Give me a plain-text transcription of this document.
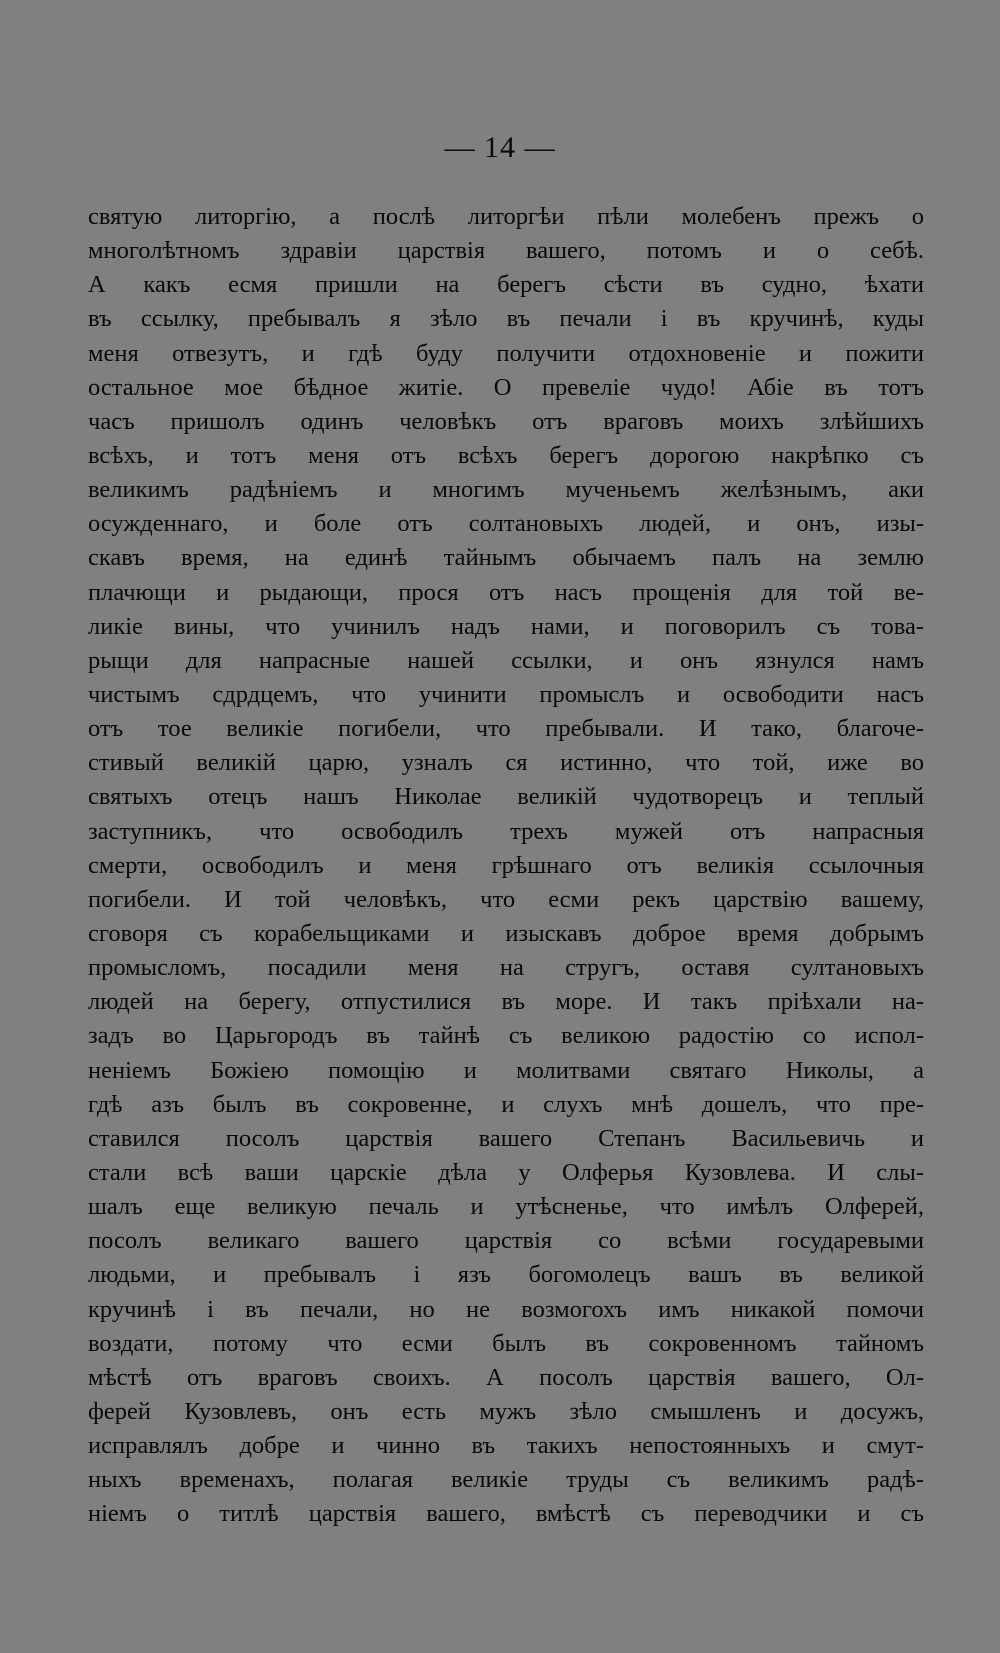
— 14 —
святую литоргію, а послѣ литоргѣи пѣли молебенъ прежъ о
многолѣтномъ здравіи царствія вашего, потомъ и о себѣ.
А какъ есмя пришли на берегъ сѣсти въ судно, ѣхати
въ ссылку, пребывалъ я зѣло въ печали і въ кручинѣ, куды
меня отвезутъ, и гдѣ буду получити отдохновеніе и пожити
остальное мое бѣдное житіе. О превеліе чудо! Абіе въ тотъ
часъ пришолъ одинъ человѣкъ отъ враговъ моихъ злѣйшихъ
всѣхъ, и тотъ меня отъ всѣхъ берегъ дорогою накрѣпко съ
великимъ радѣніемъ и многимъ мученьемъ желѣзнымъ, аки
осужденнаго, и боле отъ солтановыхъ людей, и онъ, изы-
скавъ время, на единѣ тайнымъ обычаемъ палъ на землю
плачющи и рыдающи, прося отъ насъ прощенія для той ве-
ликіе вины, что учинилъ надъ нами, и поговорилъ съ това-
рыщи для напрасные нашей ссылки, и онъ язнулся намъ
чистымъ сдрдцемъ, что учинити промыслъ и освободити насъ
отъ тое великіе погибели, что пребывали. И тако, благоче-
стивый великій царю, узналъ ся истинно, что той, иже во
святыхъ отецъ нашъ Николае великій чудотворецъ и теплый
заступникъ, что освободилъ трехъ мужей отъ напрасныя
смерти, освободилъ и меня грѣшнаго отъ великія ссылочныя
погибели. И той человѣкъ, что есми рекъ царствію вашему,
сговоря съ корабельщиками и изыскавъ доброе время добрымъ
промысломъ, посадили меня на стругъ, оставя султановыхъ
людей на берегу, отпустилися въ море. И такъ пріѣхали на-
задъ во Царьгородъ въ тайнѣ съ великою радостію со испол-
неніемъ Божіею помощію и молитвами святаго Николы, а
гдѣ азъ былъ въ сокровенне, и слухъ мнѣ дошелъ, что пре-
ставился посолъ царствія вашего Степанъ Васильевичь и
стали всѣ ваши царскіе дѣла у Олферья Кузовлева. И слы-
шалъ еще великую печаль и утѣсненье, что имѣлъ Олферей,
посолъ великаго вашего царствія со всѣми государевыми
людьми, и пребывалъ і язъ богомолецъ вашъ въ великой
кручинѣ і въ печали, но не возмогохъ имъ никакой помочи
воздати, потому что есми былъ въ сокровенномъ тайномъ
мѣстѣ отъ враговъ своихъ. А посолъ царствія вашего, Ол-
ферей Кузовлевъ, онъ есть мужъ зѣло смышленъ и досужъ,
исправлялъ добре и чинно въ такихъ непостоянныхъ и смут-
ныхъ временахъ, полагая великіе труды съ великимъ радѣ-
ніемъ о титлѣ царствія вашего, вмѣстѣ съ переводчики и съ
